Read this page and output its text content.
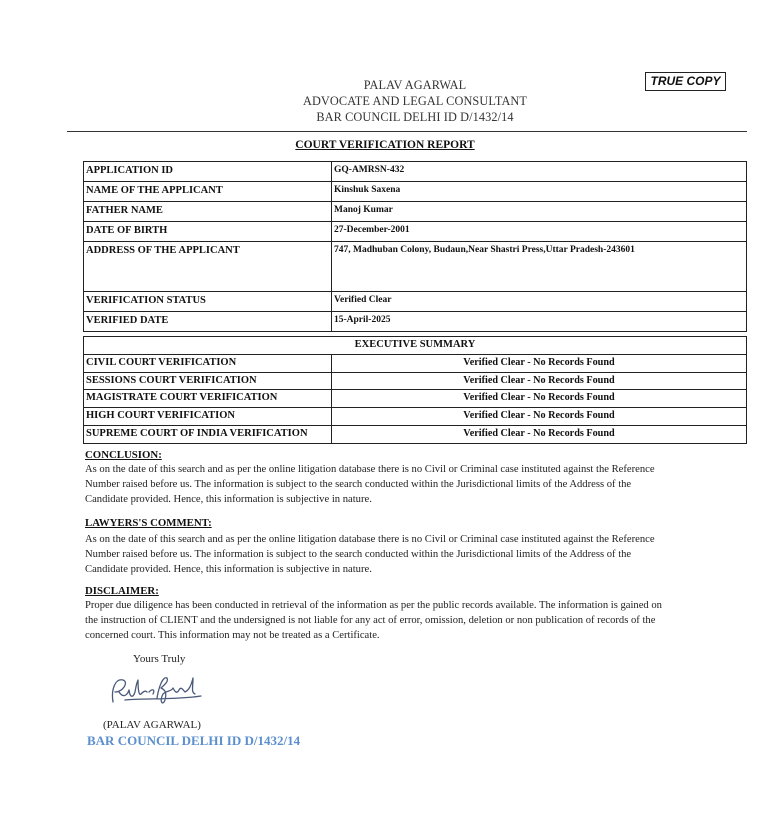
TRUE COPY
PALAV AGARWAL
ADVOCATE AND LEGAL CONSULTANT
BAR COUNCIL DELHI ID D/1432/14
COURT VERIFICATION REPORT
APPLICATION ID	GQ-AMRSN-432
NAME OF THE APPLICANT	Kinshuk Saxena
FATHER NAME	Manoj Kumar
DATE OF BIRTH	27-December-2001
ADDRESS OF THE APPLICANT	747, Madhuban Colony, Budaun,Near Shastri Press,Uttar Pradesh-243601
VERIFICATION STATUS	Verified Clear
VERIFIED DATE	15-April-2025
EXECUTIVE SUMMARY	
CIVIL COURT VERIFICATION	Verified Clear - No Records Found
SESSIONS COURT VERIFICATION	Verified Clear - No Records Found
MAGISTRATE COURT VERIFICATION	Verified Clear - No Records Found
HIGH COURT VERIFICATION	Verified Clear - No Records Found
SUPREME COURT OF INDIA VERIFICATION	Verified Clear - No Records Found
CONCLUSION:
As on the date of this search and as per the online litigation database there is no Civil or Criminal case instituted against the Reference
Number raised before us. The information is subject to the search conducted within the Jurisdictional limits of the Address of the
Candidate provided. Hence, this information is subjective in nature.
LAWYERS'S COMMENT:
As on the date of this search and as per the online litigation database there is no Civil or Criminal case instituted against the Reference
Number raised before us. The information is subject to the search conducted within the Jurisdictional limits of the Address of the
Candidate provided. Hence, this information is subjective in nature.
DISCLAIMER:
Proper due diligence has been conducted in retrieval of the information as per the public records available. The information is gained on
the instruction of CLIENT and the undersigned is not liable for any act of error, omission, deletion or non publication of records of the
concerned court. This information may not be treated as a Certificate.
Yours Truly
(PALAV AGARWAL)
BAR COUNCIL DELHI ID D/1432/14
